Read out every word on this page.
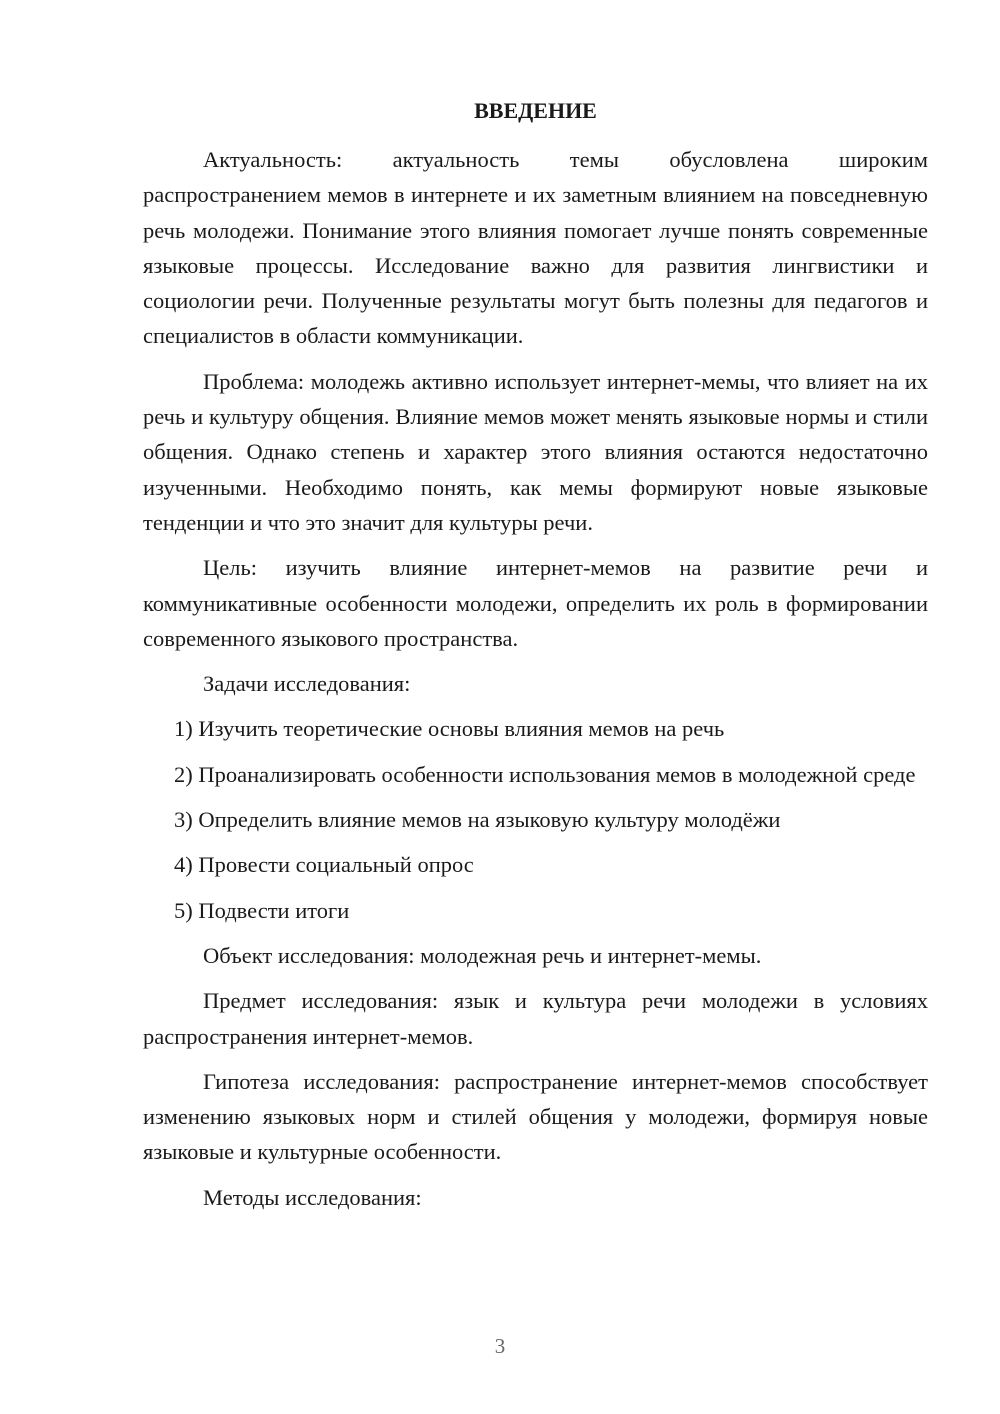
ВВЕДЕНИЕ

Актуальность: актуальность темы обусловлена широким распространением мемов в интернете и их заметным влиянием на повседневную речь молодежи. Понимание этого влияния помогает лучше понять современные языковые процессы. Исследование важно для развития лингвистики и социологии речи. Полученные результаты могут быть полезны для педагогов и специалистов в области коммуникации.

Проблема: молодежь активно использует интернет-мемы, что влияет на их речь и культуру общения. Влияние мемов может менять языковые нормы и стили общения. Однако степень и характер этого влияния остаются недостаточно изученными. Необходимо понять, как мемы формируют новые языковые тенденции и что это значит для культуры речи.

Цель: изучить влияние интернет-мемов на развитие речи и коммуникативные особенности молодежи, определить их роль в формировании современного языкового пространства.

Задачи исследования:

1) Изучить теоретические основы влияния мемов на речь

2) Проанализировать особенности использования мемов в молодежной среде

3) Определить влияние мемов на языковую культуру молодёжи

4) Провести социальный опрос

5) Подвести итоги

Объект исследования: молодежная речь и интернет-мемы.

Предмет исследования: язык и культура речи молодежи в условиях распространения интернет-мемов.

Гипотеза исследования: распространение интернет-мемов способствует изменению языковых норм и стилей общения у молодежи, формируя новые языковые и культурные особенности.

Методы исследования:

3
